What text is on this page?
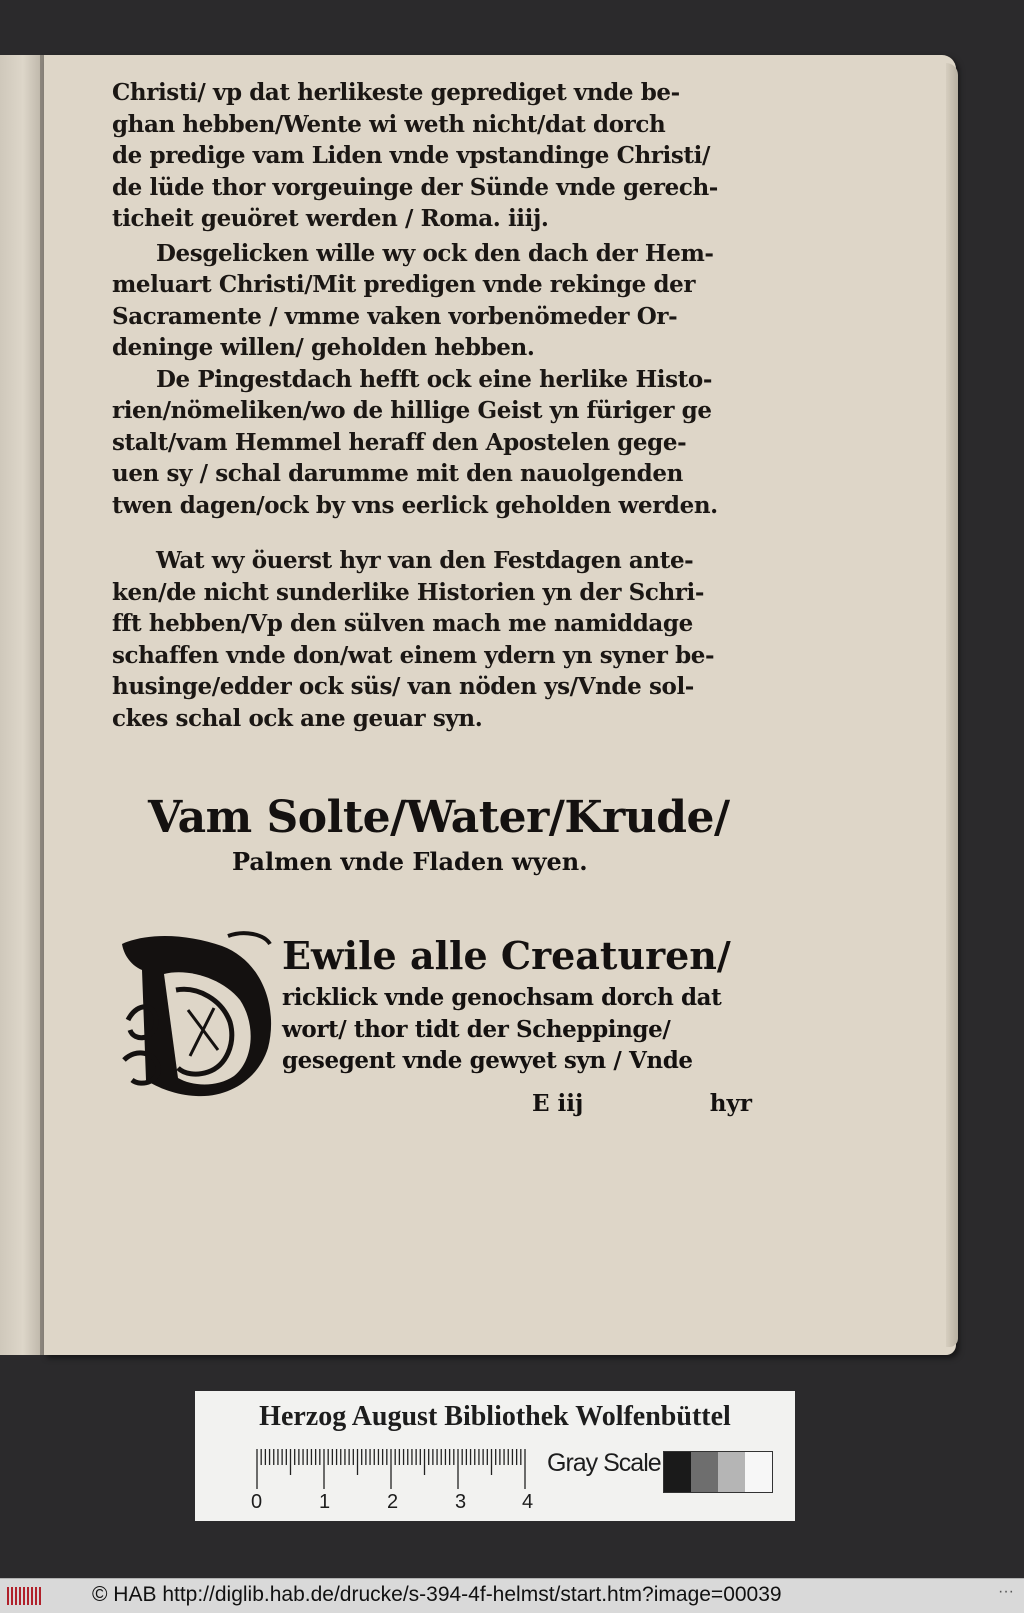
Christi/ vp dat herlikeste geprediget vnde be-
ghan hebben/Wente wi weth nicht/dat dorch
de predige vam Liden vnde vpstandinge Christi/
de lüde thor vorgeuinge der Sünde vnde gerech-
ticheit geuöret werden / Roma. iiij.
Desgelicken wille wy ock den dach der Hem-
meluart Christi/Mit predigen vnde rekinge der
Sacramente / vmme vaken vorbenömeder Or-
deninge willen/ geholden hebben.
De Pingestdach hefft ock eine herlike Histo-
rien/nömeliken/wo de hillige Geist yn füriger ge
stalt/vam Hemmel heraff den Apostelen gege-
uen sy / schal darumme mit den nauolgenden
twen dagen/ock by vns eerlick geholden werden.
Wat wy öuerst hyr van den Festdagen ante-
ken/de nicht sunderlike Historien yn der Schri-
fft hebben/Vp den sülven mach me namiddage
schaffen vnde don/wat einem ydern yn syner be-
husinge/edder ock süs/ van nöden ys/Vnde sol-
ckes schal ock ane geuar syn.
Vam Solte/Water/Krude/
Palmen vnde Fladen wyen.
Ewile alle Creaturen/
ricklick vnde genochsam dorch dat
wort/ thor tidt der Scheppinge/
gesegent vnde gewyet syn / Vnde
E iij	hyr
Herzog August Bibliothek Wolfenbüttel
0	1	2	3	4
Gray Scale
© HAB http://diglib.hab.de/drucke/s-394-4f-helmst/start.htm?image=00039	···
